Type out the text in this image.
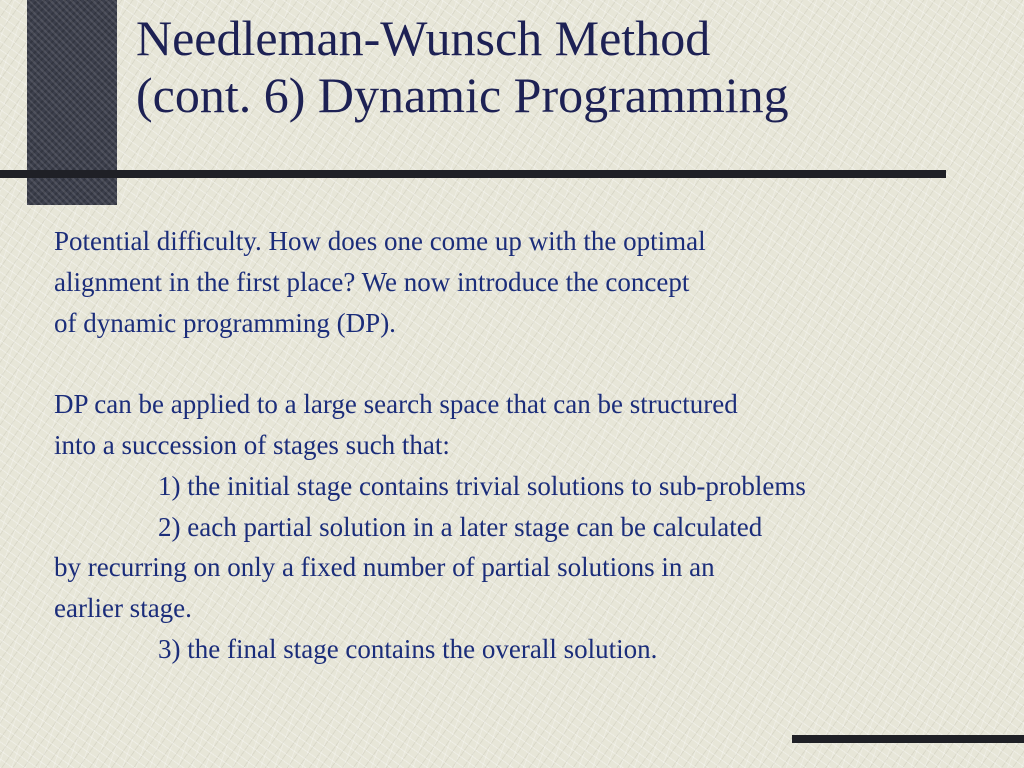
Needleman-Wunsch Method
(cont. 6) Dynamic Programming
Potential difficulty. How does one come up with the optimal
alignment in the first place? We now introduce the concept
of dynamic programming (DP).
DP can be applied to a large search space that can be structured
into a succession of stages such that:
1) the initial stage contains trivial solutions to sub-problems
2) each partial solution in a later stage can be calculated
by recurring on only a fixed number of partial solutions in an
earlier stage.
3) the final stage contains the overall solution.
